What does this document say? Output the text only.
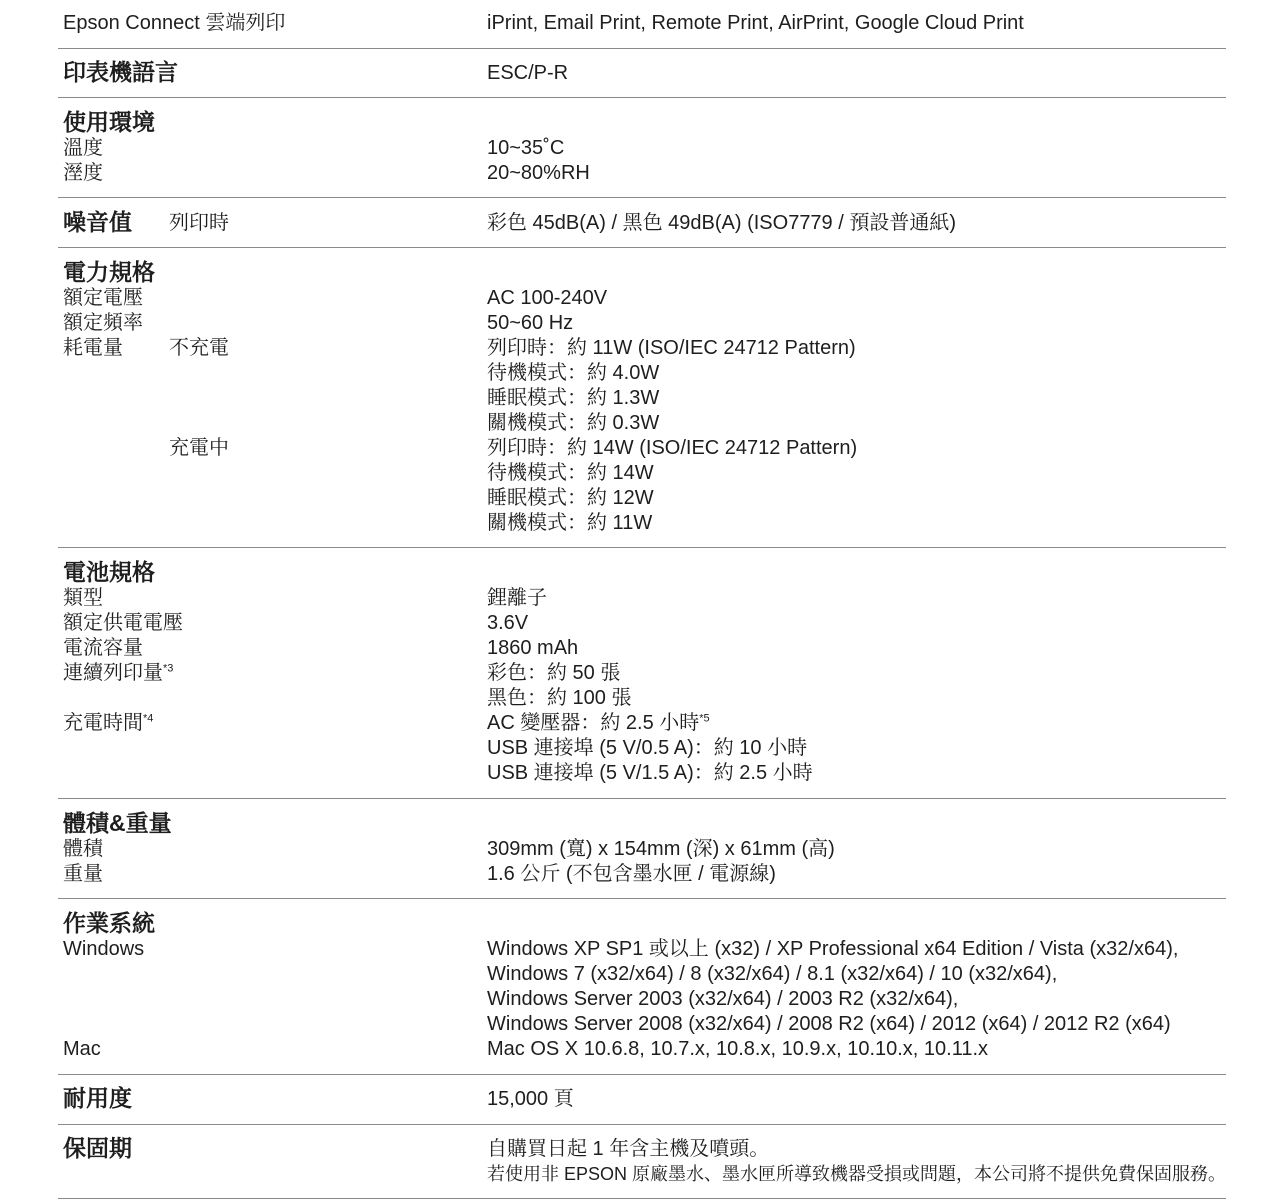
Epson Connect 雲端列印	iPrint, Email Print, Remote Print, AirPrint, Google Cloud Print
印表機語言	ESC/P-R
使用環境
溫度	10~35˚C
溼度	20~80%RH
噪音值 列印時	彩色 45dB(A) / 黑色 49dB(A) (ISO7779 / 預設普通紙)
電力規格
額定電壓	AC 100-240V
額定頻率	50~60 Hz
耗電量 不充電	列印時：約 11W (ISO/IEC 24712 Pattern)
待機模式：約 4.0W
睡眠模式：約 1.3W
關機模式：約 0.3W
充電中	列印時：約 14W (ISO/IEC 24712 Pattern)
待機模式：約 14W
睡眠模式：約 12W
關機模式：約 11W
電池規格
類型	鋰離子
額定供電電壓	3.6V
電流容量	1860 mAh
連續列印量$^{*3}$	彩色：約 50 張
黑色：約 100 張
充電時間$^{*4}$	AC 變壓器：約 2.5 小時$^{*5}$
USB 連接埠 (5 V/0.5 A)：約 10 小時
USB 連接埠 (5 V/1.5 A)：約 2.5 小時
體積&重量
體積	309mm (寬) x 154mm (深) x 61mm (高)
重量	1.6 公斤 (不包含墨水匣 / 電源線)
作業系統
Windows	Windows XP SP1 或以上 (x32) / XP Professional x64 Edition / Vista (x32/x64),
Windows 7 (x32/x64) / 8 (x32/x64) / 8.1 (x32/x64) / 10 (x32/x64),
Windows Server 2003 (x32/x64) / 2003 R2 (x32/x64),
Windows Server 2008 (x32/x64) / 2008 R2 (x64) / 2012 (x64) / 2012 R2 (x64)
Mac	Mac OS X 10.6.8, 10.7.x, 10.8.x, 10.9.x, 10.10.x, 10.11.x
耐用度	15,000 頁
保固期	自購買日起 1 年含主機及噴頭。
若使用非 EPSON 原廠墨水、墨水匣所導致機器受損或問題，本公司將不提供免費保固服務。
